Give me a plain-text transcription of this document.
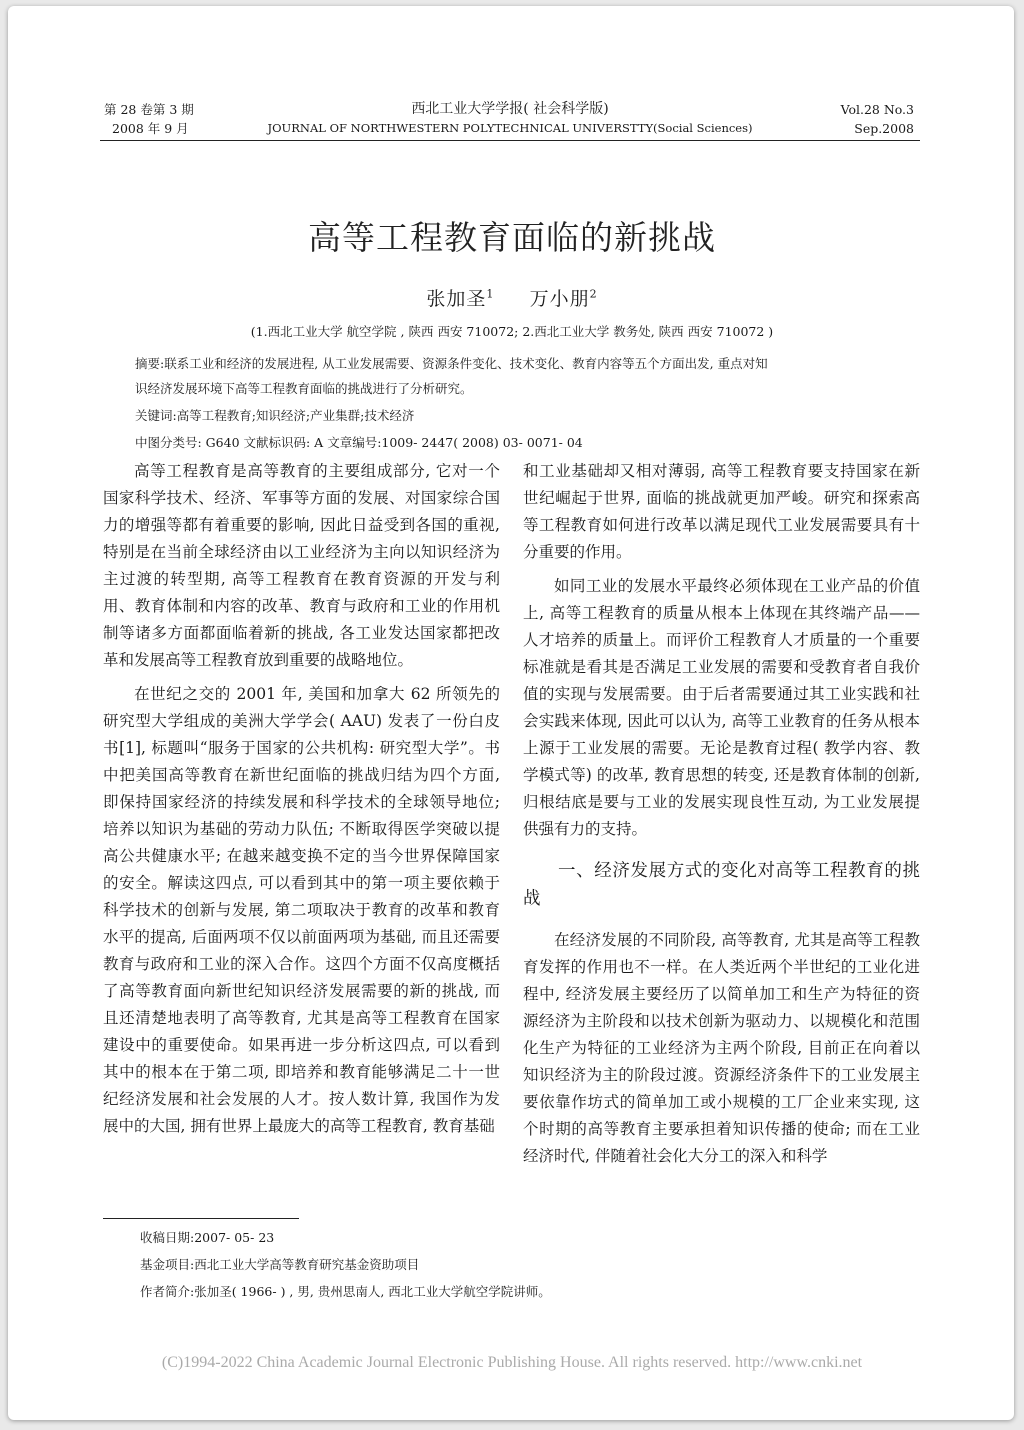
第 28 卷第 3 期
2008 年 9 月
西北工业大学学报( 社会科学版)
JOURNAL OF NORTHWESTERN POLYTECHNICAL UNIVERSTTY(Social Sciences)
Vol.28 No.3
Sep.2008
高等工程教育面临的新挑战
张加圣$^1$ 万小朋$^2$
(1.西北工业大学 航空学院 , 陕西 西安 710072; 2.西北工业大学 教务处, 陕西 西安 710072 )
摘要:联系工业和经济的发展进程, 从工业发展需要、资源条件变化、技术变化、教育内容等五个方面出发, 重点对知
识经济发展环境下高等工程教育面临的挑战进行了分析研究。
关键词:高等工程教育;知识经济;产业集群;技术经济
中图分类号: G640 文献标识码: A 文章编号:1009- 2447( 2008) 03- 0071- 04

高等工程教育是高等教育的主要组成部分, 它对一个国家科学技术、经济、军事等方面的发展、对国家综合国力的增强等都有着重要的影响, 因此日益受到各国的重视, 特别是在当前全球经济由以工业经济为主向以知识经济为主过渡的转型期, 高等工程教育在教育资源的开发与利用、教育体制和内容的改革、教育与政府和工业的作用机制等诸多方面都面临着新的挑战, 各工业发达国家都把改革和发展高等工程教育放到重要的战略地位。

在世纪之交的 2001 年, 美国和加拿大 62 所领先的研究型大学组成的美洲大学学会( AAU) 发表了一份白皮书[1], 标题叫“服务于国家的公共机构: 研究型大学”。书中把美国高等教育在新世纪面临的挑战归结为四个方面, 即保持国家经济的持续发展和科学技术的全球领导地位; 培养以知识为基础的劳动力队伍; 不断取得医学突破以提高公共健康水平; 在越来越变换不定的当今世界保障国家的安全。解读这四点, 可以看到其中的第一项主要依赖于科学技术的创新与发展, 第二项取决于教育的改革和教育水平的提高, 后面两项不仅以前面两项为基础, 而且还需要教育与政府和工业的深入合作。这四个方面不仅高度概括了高等教育面向新世纪知识经济发展需要的新的挑战, 而且还清楚地表明了高等教育, 尤其是高等工程教育在国家建设中的重要使命。如果再进一步分析这四点, 可以看到其中的根本在于第二项, 即培养和教育能够满足二十一世纪经济发展和社会发展的人才。按人数计算, 我国作为发展中的大国, 拥有世界上最庞大的高等工程教育, 教育基础

和工业基础却又相对薄弱, 高等工程教育要支持国家在新世纪崛起于世界, 面临的挑战就更加严峻。研究和探索高等工程教育如何进行改革以满足现代工业发展需要具有十分重要的作用。

如同工业的发展水平最终必须体现在工业产品的价值上, 高等工程教育的质量从根本上体现在其终端产品——人才培养的质量上。而评价工程教育人才质量的一个重要标准就是看其是否满足工业发展的需要和受教育者自我价值的实现与发展需要。由于后者需要通过其工业实践和社会实践来体现, 因此可以认为, 高等工业教育的任务从根本上源于工业发展的需要。无论是教育过程( 教学内容、教学模式等) 的改革, 教育思想的转变, 还是教育体制的创新, 归根结底是要与工业的发展实现良性互动, 为工业发展提供强有力的支持。

一、经济发展方式的变化对高等工程教育的挑战

在经济发展的不同阶段, 高等教育, 尤其是高等工程教育发挥的作用也不一样。在人类近两个半世纪的工业化进程中, 经济发展主要经历了以简单加工和生产为特征的资源经济为主阶段和以技术创新为驱动力、以规模化和范围化生产为特征的工业经济为主两个阶段, 目前正在向着以知识经济为主的阶段过渡。资源经济条件下的工业发展主要依靠作坊式的简单加工或小规模的工厂企业来实现, 这个时期的高等教育主要承担着知识传播的使命; 而在工业经济时代, 伴随着社会化大分工的深入和科学

收稿日期:2007- 05- 23
基金项目:西北工业大学高等教育研究基金资助项目
作者简介:张加圣( 1966- ) , 男, 贵州思南人, 西北工业大学航空学院讲师。
(C)1994-2022 China Academic Journal Electronic Publishing House. All rights reserved. http://www.cnki.net
